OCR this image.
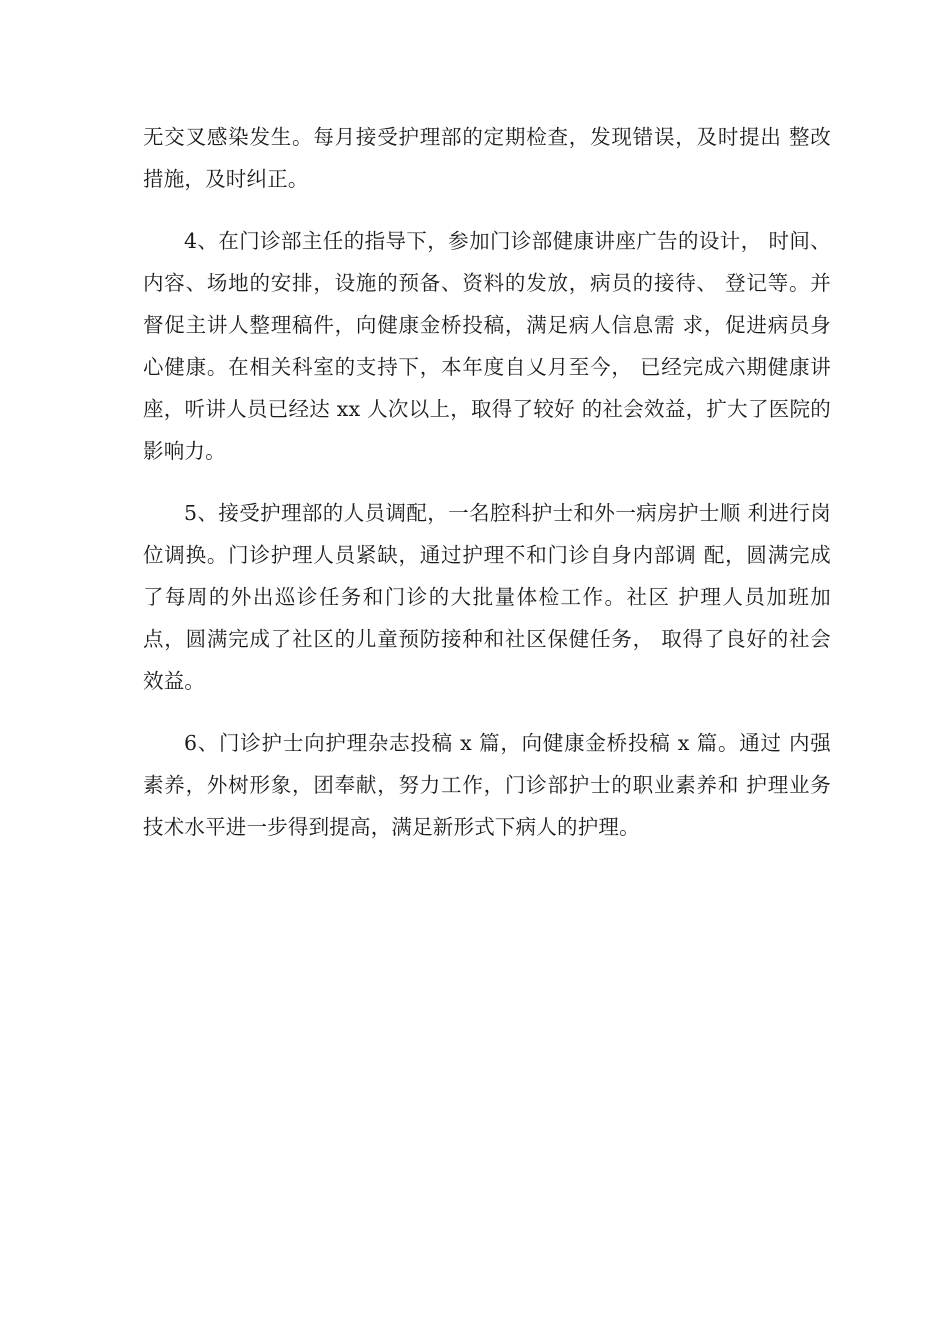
无交叉感染发生。每月接受护理部的定期检查，发现错误，及时提出 整改措施，及时纠正。

4、在门诊部主任的指导下，参加门诊部健康讲座广告的设计， 时间、内容、场地的安排，设施的预备、资料的发放，病员的接待、 登记等。并督促主讲人整理稿件，向健康金桥投稿，满足病人信息需 求，促进病员身心健康。在相关科室的支持下，本年度自乂月至今， 已经完成六期健康讲座，听讲人员已经达 xx 人次以上，取得了较好 的社会效益，扩大了医院的影响力。

5、接受护理部的人员调配，一名腔科护士和外一病房护士顺 利进行岗位调换。门诊护理人员紧缺，通过护理不和门诊自身内部调 配，圆满完成了每周的外出巡诊任务和门诊的大批量体检工作。社区 护理人员加班加点，圆满完成了社区的儿童预防接种和社区保健任务， 取得了良好的社会效益。

6、门诊护士向护理杂志投稿 x 篇，向健康金桥投稿 x 篇。通过 内强素养，外树形象，团奉献，努力工作，门诊部护士的职业素养和 护理业务技术水平进一步得到提高，满足新形式下病人的护理。
